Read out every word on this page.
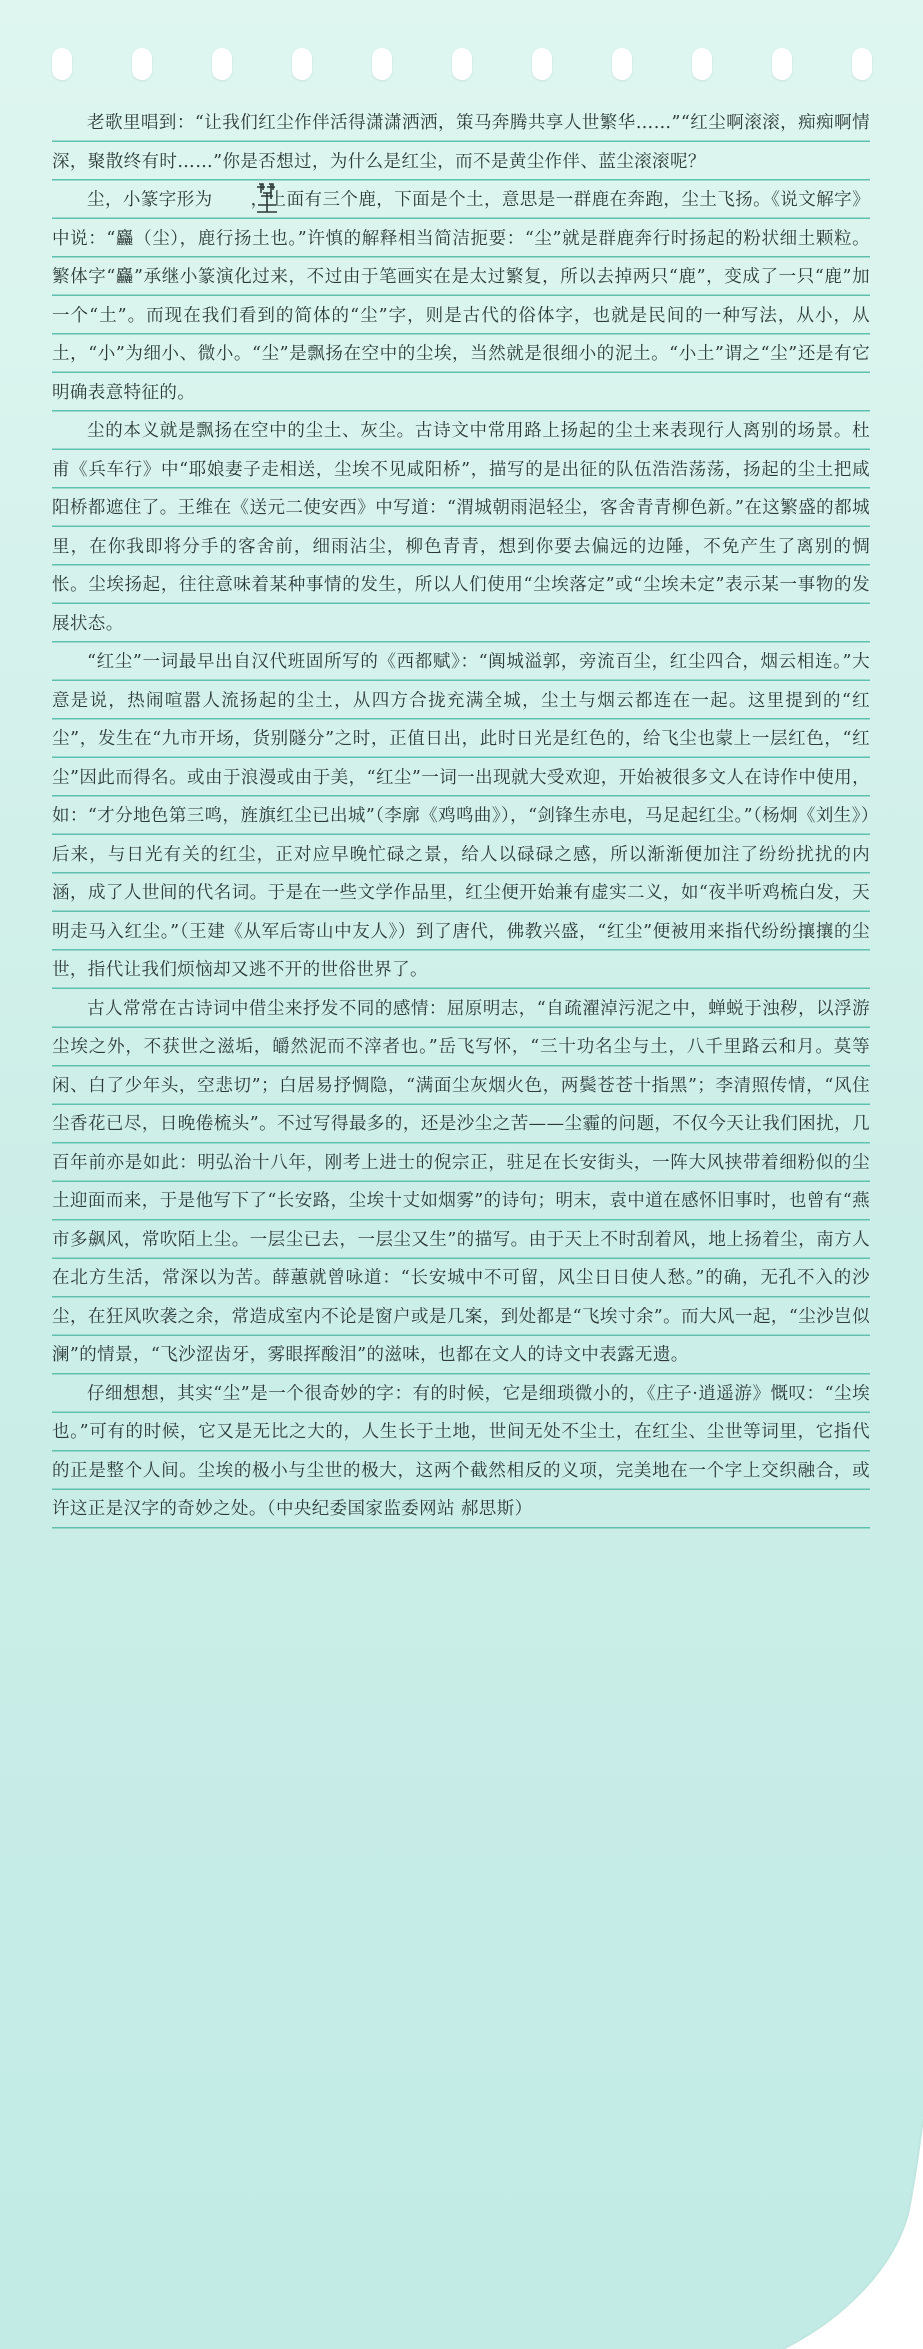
老歌里唱到：“让我们红尘作伴活得潇潇洒洒，策马奔腾共享人世繁华……”“红尘啊滚滚，痴痴啊情深，聚散终有时……”你是否想过，为什么是红尘，而不是黄尘作伴、蓝尘滚滚呢？

尘，小篆字形为 ，上面有三个鹿，下面是个土，意思是一群鹿在奔跑，尘土飞扬。《说文解字》中说：“麤（尘），鹿行扬土也。”许慎的解释相当简洁扼要：“尘”就是群鹿奔行时扬起的粉状细土颗粒。繁体字“麤”承继小篆演化过来，不过由于笔画实在是太过繁复，所以去掉两只“鹿”，变成了一只“鹿”加一个“土”。而现在我们看到的简体的“尘”字，则是古代的俗体字，也就是民间的一种写法，从小，从土，“小”为细小、微小。“尘”是飘扬在空中的尘埃，当然就是很细小的泥土。“小土”谓之“尘”还是有它明确表意特征的。

尘的本义就是飘扬在空中的尘土、灰尘。古诗文中常用路上扬起的尘土来表现行人离别的场景。杜甫《兵车行》中“耶娘妻子走相送，尘埃不见咸阳桥”，描写的是出征的队伍浩浩荡荡，扬起的尘土把咸阳桥都遮住了。王维在《送元二使安西》中写道：“渭城朝雨浥轻尘，客舍青青柳色新。”在这繁盛的都城里，在你我即将分手的客舍前，细雨沾尘，柳色青青，想到你要去偏远的边陲，不免产生了离别的惆怅。尘埃扬起，往往意味着某种事情的发生，所以人们使用“尘埃落定”或“尘埃未定”表示某一事物的发展状态。

“红尘”一词最早出自汉代班固所写的《西都赋》：“阗城溢郭，旁流百尘，红尘四合，烟云相连。”大意是说，热闹喧嚣人流扬起的尘土，从四方合拢充满全城，尘土与烟云都连在一起。这里提到的“红尘”，发生在“九市开场，货别隧分”之时，正值日出，此时日光是红色的，给飞尘也蒙上一层红色，“红尘”因此而得名。或由于浪漫或由于美，“红尘”一词一出现就大受欢迎，开始被很多文人在诗作中使用，如：“才分地色第三鸣，旌旗红尘已出城”（李廓《鸡鸣曲》），“剑锋生赤电，马足起红尘。”（杨炯《刘生》）后来，与日光有关的红尘，正对应早晚忙碌之景，给人以碌碌之感，所以渐渐便加注了纷纷扰扰的内涵，成了人世间的代名词。于是在一些文学作品里，红尘便开始兼有虚实二义，如“夜半听鸡梳白发，天明走马入红尘。”（王建《从军后寄山中友人》）到了唐代，佛教兴盛，“红尘”便被用来指代纷纷攘攘的尘世，指代让我们烦恼却又逃不开的世俗世界了。

古人常常在古诗词中借尘来抒发不同的感情：屈原明志，“自疏濯淖污泥之中，蝉蜕于浊秽，以浮游尘埃之外，不获世之滋垢，皭然泥而不滓者也。”岳飞写怀，“三十功名尘与土，八千里路云和月。莫等闲、白了少年头，空悲切”；白居易抒惆隐，“满面尘灰烟火色，两鬓苍苍十指黑”；李清照传情，“风住尘香花已尽，日晚倦梳头”。不过写得最多的，还是沙尘之苦——尘霾的问题，不仅今天让我们困扰，几百年前亦是如此：明弘治十八年，刚考上进士的倪宗正，驻足在长安街头，一阵大风挟带着细粉似的尘土迎面而来，于是他写下了“长安路，尘埃十丈如烟雾”的诗句；明末，袁中道在感怀旧事时，也曾有“燕市多飙风，常吹陌上尘。一层尘已去，一层尘又生”的描写。由于天上不时刮着风，地上扬着尘，南方人在北方生活，常深以为苦。薛蕙就曾咏道：“长安城中不可留，风尘日日使人愁。”的确，无孔不入的沙尘，在狂风吹袭之余，常造成室内不论是窗户或是几案，到处都是“飞埃寸余”。而大风一起，“尘沙岂似澜”的情景，“飞沙涩齿牙，雾眼挥酸泪”的滋味，也都在文人的诗文中表露无遗。

仔细想想，其实“尘”是一个很奇妙的字：有的时候，它是细琐微小的，《庄子·逍遥游》慨叹：“尘埃也。”可有的时候，它又是无比之大的，人生长于土地，世间无处不尘土，在红尘、尘世等词里，它指代的正是整个人间。尘埃的极小与尘世的极大，这两个截然相反的义项，完美地在一个字上交织融合，或许这正是汉字的奇妙之处。（中央纪委国家监委网站 郝思斯）
